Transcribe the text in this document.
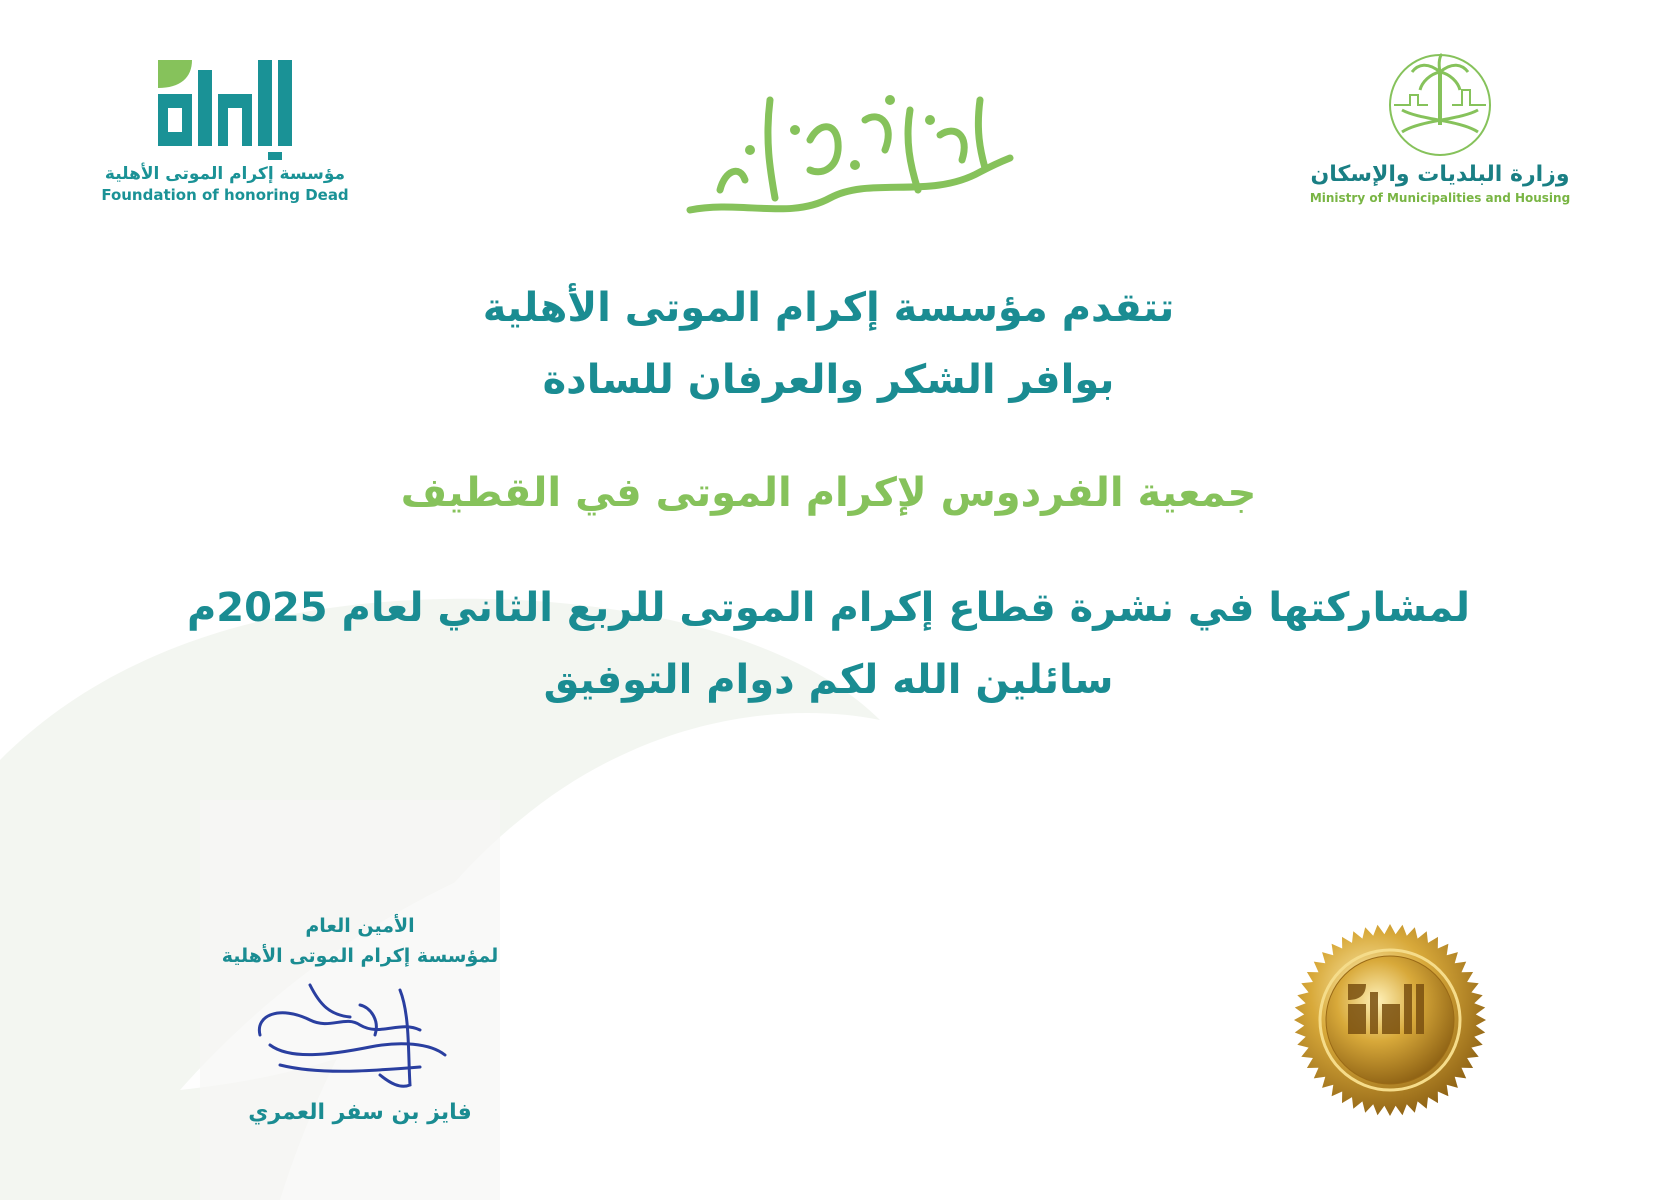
مؤسسة إكرام الموتى الأهلية
Foundation of honoring Dead
وزارة البلديات والإسكان
Ministry of Municipalities and Housing
تتقدم مؤسسة إكرام الموتى الأهلية
بوافر الشكر والعرفان للسادة
جمعية الفردوس لإكرام الموتى في القطيف
لمشاركتها في نشرة قطاع إكرام الموتى للربع الثاني لعام 2025م
سائلين الله لكم دوام التوفيق
الأمين العام
لمؤسسة إكرام الموتى الأهلية
فايز بن سفر العمري
